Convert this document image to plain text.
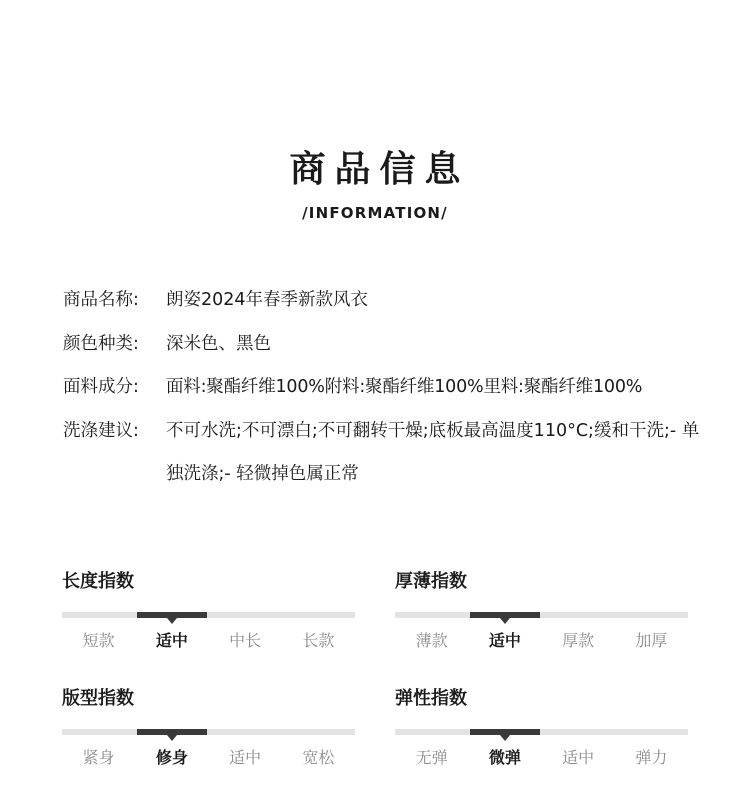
商品信息
/INFORMATION/
商品名称:	朗姿2024年春季新款风衣
颜色种类:	深米色、黑色
面料成分:	面料:聚酯纤维100%附料:聚酯纤维100%里料:聚酯纤维100%
洗涤建议:	不可水洗;不可漂白;不可翻转干燥;底板最高温度110°C;缓和干洗;- 单独洗涤;- 轻微掉色属正常
长度指数
短款	适中	中长	长款
厚薄指数
薄款	适中	厚款	加厚
版型指数
紧身	修身	适中	宽松
弹性指数
无弹	微弹	适中	弹力
